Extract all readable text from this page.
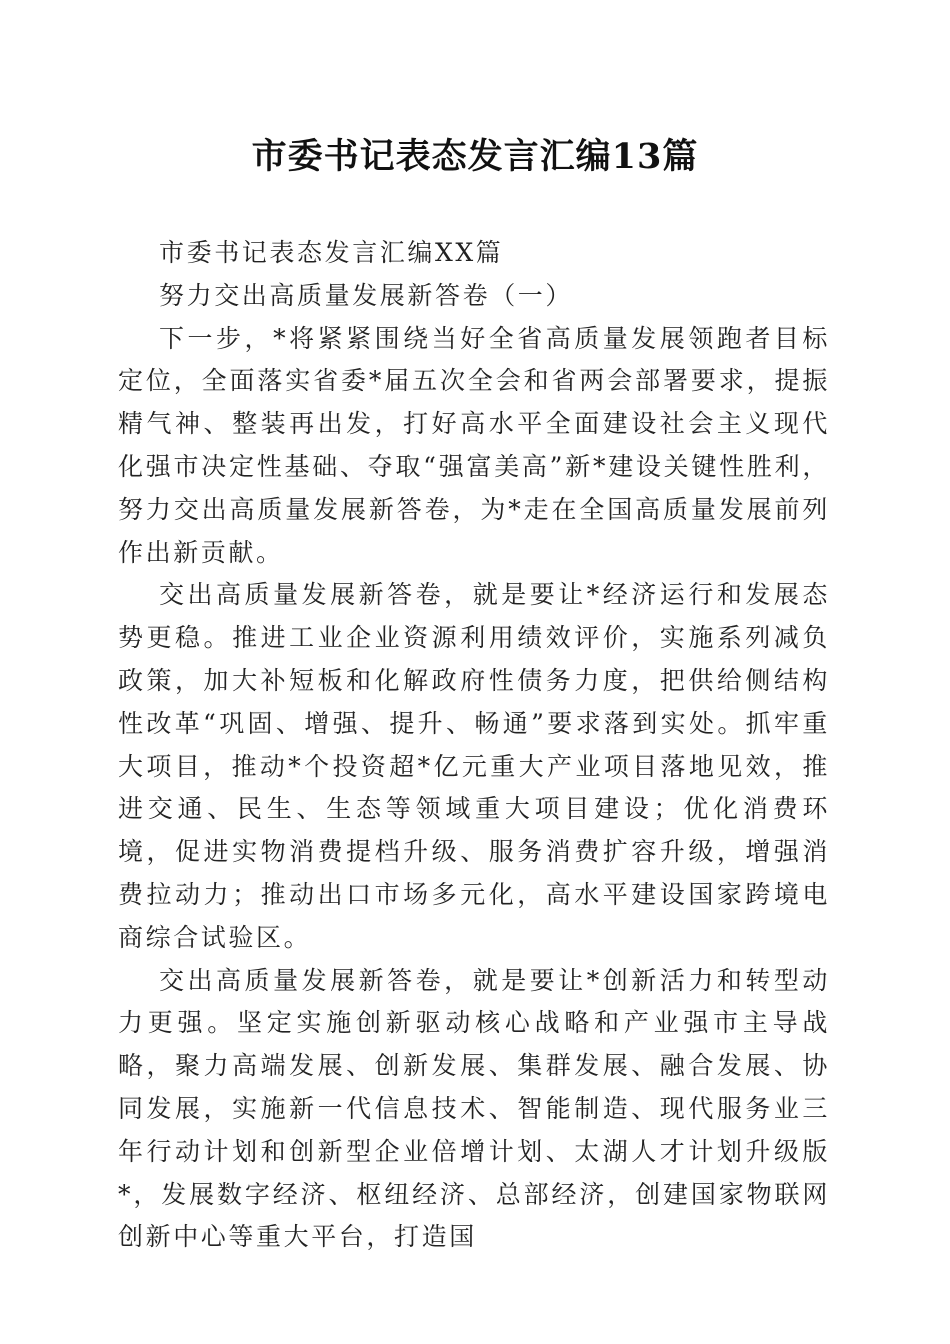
市委书记表态发言汇编13篇

市委书记表态发言汇编XX篇

努力交出高质量发展新答卷（一）

下一步，*将紧紧围绕当好全省高质量发展领跑者目标定位，全面落实省委*届五次全会和省两会部署要求，提振精气神、整装再出发，打好高水平全面建设社会主义现代化强市决定性基础、夺取“强富美高”新*建设关键性胜利，努力交出高质量发展新答卷，为*走在全国高质量发展前列作出新贡献。

交出高质量发展新答卷，就是要让*经济运行和发展态势更稳。推进工业企业资源利用绩效评价，实施系列减负政策，加大补短板和化解政府性债务力度，把供给侧结构性改革“巩固、增强、提升、畅通”要求落到实处。抓牢重大项目，推动*个投资超*亿元重大产业项目落地见效，推进交通、民生、生态等领域重大项目建设；优化消费环境，促进实物消费提档升级、服务消费扩容升级，增强消费拉动力；推动出口市场多元化，高水平建设国家跨境电商综合试验区。

交出高质量发展新答卷，就是要让*创新活力和转型动力更强。坚定实施创新驱动核心战略和产业强市主导战略，聚力高端发展、创新发展、集群发展、融合发展、协同发展，实施新一代信息技术、智能制造、现代服务业三年行动计划和创新型企业倍增计划、太湖人才计划升级版*，发展数字经济、枢纽经济、总部经济，创建国家物联网创新中心等重大平台，打造国
